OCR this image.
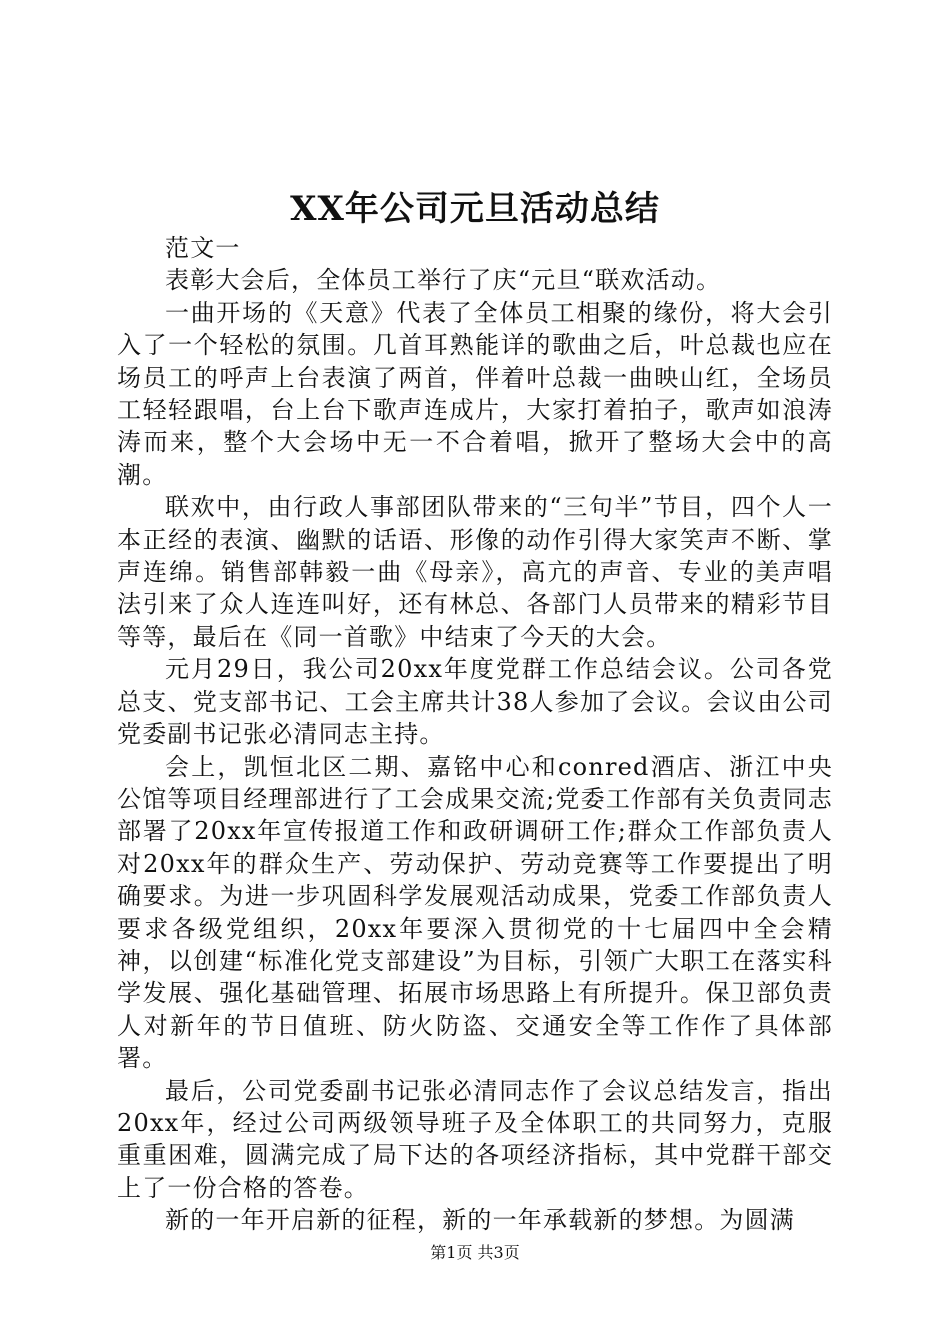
XX年公司元旦活动总结

范文一

表彰大会后，全体员工举行了庆“元旦“联欢活动。

一曲开场的《天意》代表了全体员工相聚的缘份，将大会引入了一个轻松的氛围。几首耳熟能详的歌曲之后，叶总裁也应在场员工的呼声上台表演了两首，伴着叶总裁一曲映山红，全场员工轻轻跟唱，台上台下歌声连成片，大家打着拍子，歌声如浪涛涛而来，整个大会场中无一不合着唱，掀开了整场大会中的高潮。

联欢中，由行政人事部团队带来的“三句半”节目，四个人一本正经的表演、幽默的话语、形像的动作引得大家笑声不断、掌声连绵。销售部韩毅一曲《母亲》，高亢的声音、专业的美声唱法引来了众人连连叫好，还有林总、各部门人员带来的精彩节目等等，最后在《同一首歌》中结束了今天的大会。

元月29日，我公司20xx年度党群工作总结会议。公司各党总支、党支部书记、工会主席共计38人参加了会议。会议由公司党委副书记张必清同志主持。

会上，凯恒北区二期、嘉铭中心和conred酒店、浙江中央公馆等项目经理部进行了工会成果交流;党委工作部有关负责同志部署了20xx年宣传报道工作和政研调研工作;群众工作部负责人对20xx年的群众生产、劳动保护、劳动竞赛等工作要提出了明确要求。为进一步巩固科学发展观活动成果，党委工作部负责人要求各级党组织，20xx年要深入贯彻党的十七届四中全会精神，以创建“标准化党支部建设”为目标，引领广大职工在落实科学发展、强化基础管理、拓展市场思路上有所提升。保卫部负责人对新年的节日值班、防火防盗、交通安全等工作作了具体部署。

最后，公司党委副书记张必清同志作了会议总结发言，指出20xx年，经过公司两级领导班子及全体职工的共同努力，克服重重困难，圆满完成了局下达的各项经济指标，其中党群干部交上了一份合格的答卷。

新的一年开启新的征程，新的一年承载新的梦想。为圆满

第1页 共3页
